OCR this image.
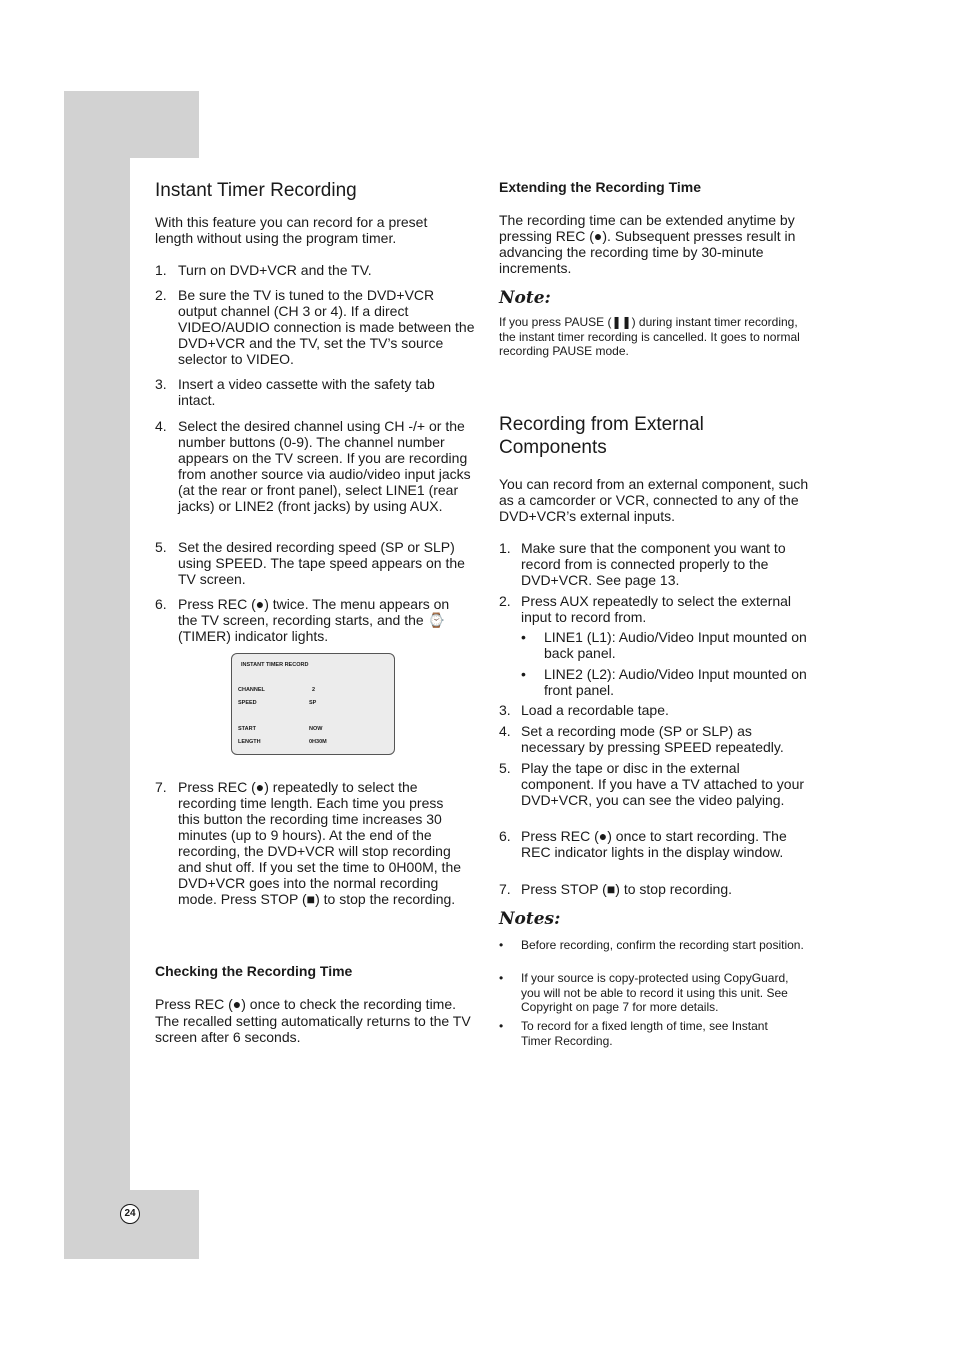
Instant Timer Recording

With this feature you can record for a preset length without using the program timer.

1. Turn on DVD+VCR and the TV.
2. Be sure the TV is tuned to the DVD+VCR output channel (CH 3 or 4). If a direct VIDEO/AUDIO connection is made between the DVD+VCR and the TV, set the TV’s source selector to VIDEO.
3. Insert a video cassette with the safety tab intact.
4. Select the desired channel using CH -/+ or the number buttons (0-9). The channel number appears on the TV screen. If you are recording from another source via audio/video input jacks (at the rear or front panel), select LINE1 (rear jacks) or LINE2 (front jacks) by using AUX.
5. Set the desired recording speed (SP or SLP) using SPEED. The tape speed appears on the TV screen.
6. Press REC (●) twice. The menu appears on the TV screen, recording starts, and the ⌚ (TIMER) indicator lights.
INSTANT TIMER RECORD
CHANNEL	2
SPEED	SP
START	NOW
LENGTH	0H30M
7. Press REC (●) repeatedly to select the recording time length. Each time you press this button the recording time increases 30 minutes (up to 9 hours). At the end of the recording, the DVD+VCR will stop recording and shut off. If you set the time to 0H00M, the DVD+VCR goes into the normal recording mode. Press STOP (■) to stop the recording.
Checking the Recording Time

Press REC (●) once to check the recording time. The recalled setting automatically returns to the TV screen after 6 seconds.

Extending the Recording Time

The recording time can be extended anytime by pressing REC (●). Subsequent presses result in advancing the recording time by 30-minute increments.

Note:

If you press PAUSE (❚❚) during instant timer recording, the instant timer recording is cancelled. It goes to normal recording PAUSE mode.

Recording from External
Components

You can record from an external component, such as a camcorder or VCR, connected to any of the DVD+VCR’s external inputs.

1. Make sure that the component you want to record from is connected properly to the DVD+VCR. See page 13.
2. Press AUX repeatedly to select the external input to record from.
• LINE1 (L1): Audio/Video Input mounted on back panel.
• LINE2 (L2): Audio/Video Input mounted on front panel.
3. Load a recordable tape.
4. Set a recording mode (SP or SLP) as necessary by pressing SPEED repeatedly.
5. Play the tape or disc in the external component. If you have a TV attached to your DVD+VCR, you can see the video palying.
6. Press REC (●) once to start recording. The REC indicator lights in the display window.
7. Press STOP (■) to stop recording.

Notes:

• Before recording, confirm the recording start position.
• If your source is copy-protected using CopyGuard, you will not be able to record it using this unit. See Copyright on page 7 for more details.
• To record for a fixed length of time, see Instant Timer Recording.
24
